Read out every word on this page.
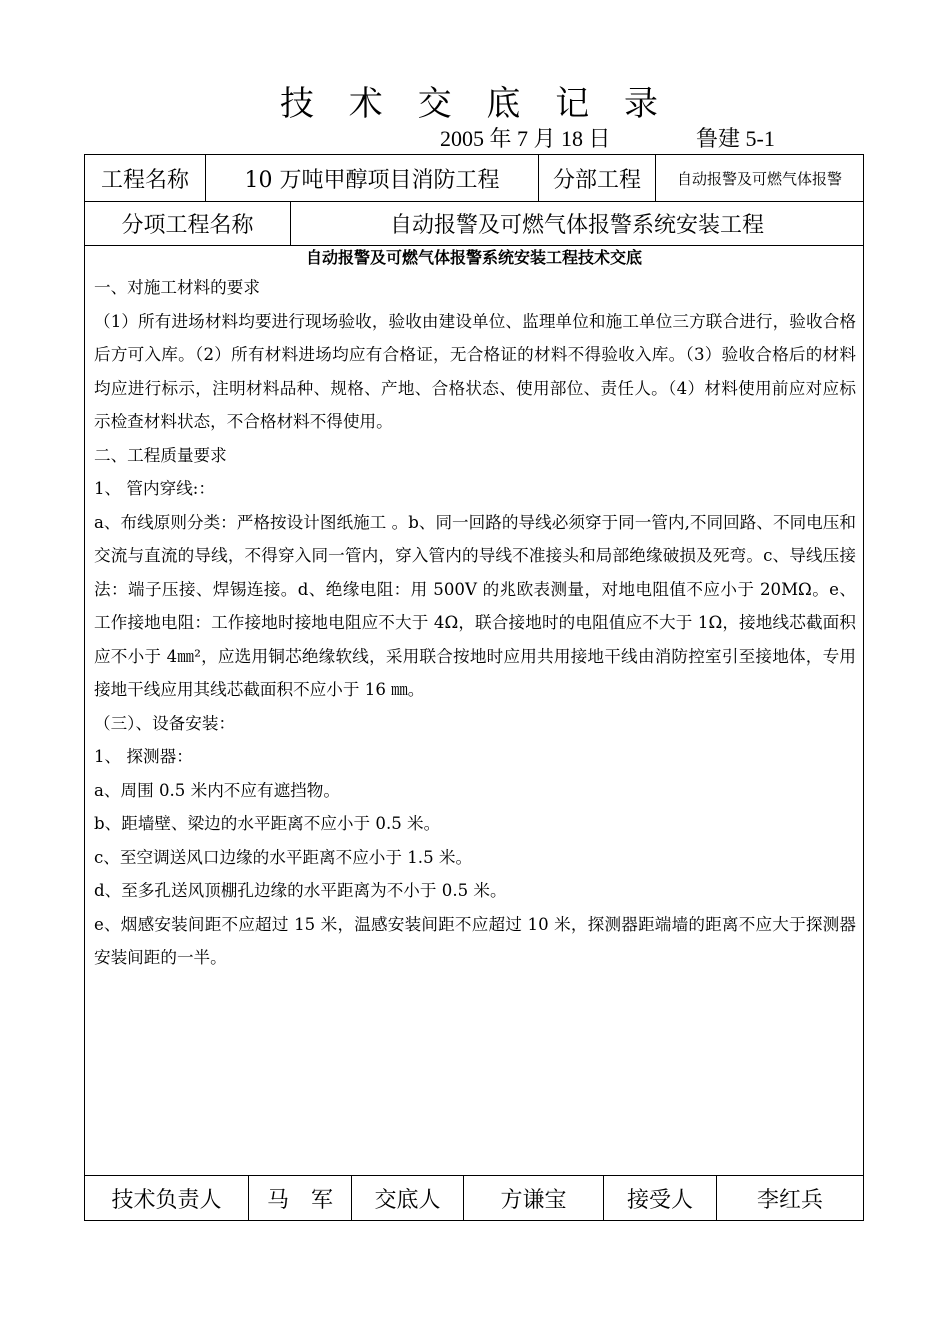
技 术 交 底 记 录
2005 年 7 月 18 日	鲁建 5-1
工程名称	10 万吨甲醇项目消防工程	分部工程	自动报警及可燃气体报警
分项工程名称	自动报警及可燃气体报警系统安装工程
自动报警及可燃气体报警系统安装工程技术交底

一、对施工材料的要求

（1）所有进场材料均要进行现场验收，验收由建设单位、监理单位和施工单位三方联合进行，验收合格后方可入库。（2）所有材料进场均应有合格证，无合格证的材料不得验收入库。（3）验收合格后的材料均应进行标示，注明材料品种、规格、产地、合格状态、使用部位、责任人。（4）材料使用前应对应标示检查材料状态，不合格材料不得使用。

二、工程质量要求

1、 管内穿线:：

a、布线原则分类：严格按设计图纸施工 。b、同一回路的导线必须穿于同一管内,不同回路、不同电压和交流与直流的导线，不得穿入同一管内，穿入管内的导线不准接头和局部绝缘破损及死弯。c、导线压接法：端子压接、焊锡连接。d、绝缘电阻：用 500V 的兆欧表测量，对地电阻值不应小于 20MΩ。e、工作接地电阻：工作接地时接地电阻应不大于 4Ω，联合接地时的电阻值应不大于 1Ω，接地线芯截面积应不小于 4㎜²，应选用铜芯绝缘软线，采用联合按地时应用共用接地干线由消防控室引至接地体，专用接地干线应用其线芯截面积不应小于 16 ㎜。

（三）、设备安装：

1、 探测器：

a、周围 0.5 米内不应有遮挡物。

b、距墙壁、梁边的水平距离不应小于 0.5 米。

c、至空调送风口边缘的水平距离不应小于 1.5 米。

d、至多孔送风顶棚孔边缘的水平距离为不小于 0.5 米。

e、烟感安装间距不应超过 15 米，温感安装间距不应超过 10 米，探测器距端墙的距离不应大于探测器安装间距的一半。

技术负责人	马　军	交底人	方谦宝	接受人	李红兵
